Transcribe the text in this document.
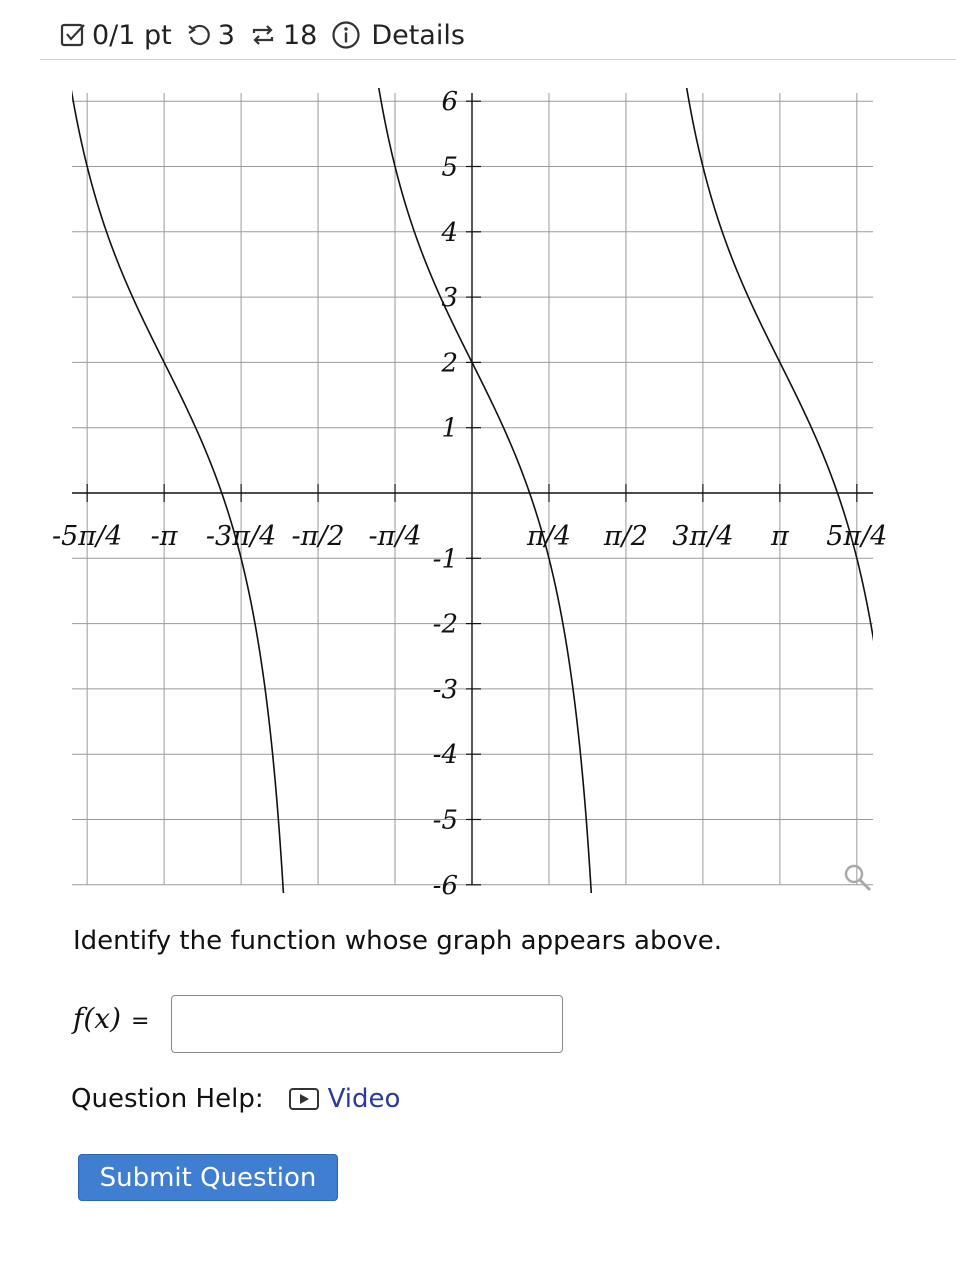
0/1 pt 3 18 Details
-5π/4 -π -3π/4 -π/2 -π/4	π/4 π/2 3π/4 π 5π/4
6
5
4
3
2
1
-1
-2
-3
-4
-5
-6
Identify the function whose graph appears above.
f(x) =
Question Help: Video
Submit Question
